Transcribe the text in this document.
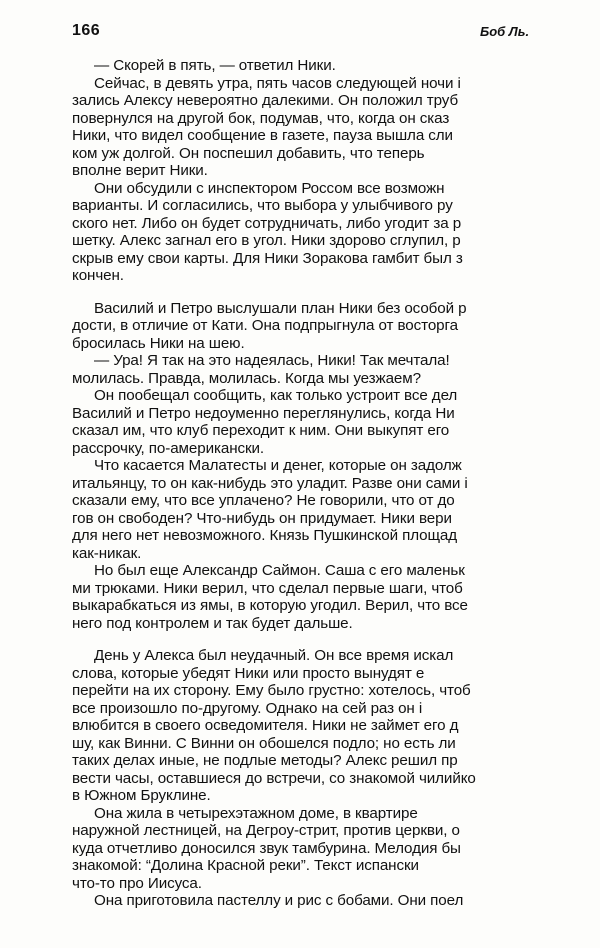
166	Боб Ль.
— Скорей в пять, — ответил Ники.
Сейчас, в девять утра, пять часов следующей ночи і
зались Алексу невероятно далекими. Он положил труб
повернулся на другой бок, подумав, что, когда он сказ
Ники, что видел сообщение в газете, пауза вышла сли
ком уж долгой. Он поспешил добавить, что теперь
вполне верит Ники.
Они обсудили с инспектором Россом все возможн
варианты. И согласились, что выбора у улыбчивого ру
ского нет. Либо он будет сотрудничать, либо угодит за р
шетку. Алекс загнал его в угол. Ники здорово сглупил, р
скрыв ему свои карты. Для Ники Зоракова гамбит был з
кончен.
Василий и Петро выслушали план Ники без особой р
дости, в отличие от Кати. Она подпрыгнула от восторга
бросилась Ники на шею.
— Ура! Я так на это надеялась, Ники! Так мечтала!
молилась. Правда, молилась. Когда мы уезжаем?
Он пообещал сообщить, как только устроит все дел
Василий и Петро недоуменно переглянулись, когда Ни
сказал им, что клуб переходит к ним. Они выкупят его
рассрочку, по-американски.
Что касается Малатесты и денег, которые он задолж
итальянцу, то он как-нибудь это уладит. Разве они сами і
сказали ему, что все уплачено? Не говорили, что от до
гов он свободен? Что-нибудь он придумает. Ники вери
для него нет невозможного. Князь Пушкинской площад
как-никак.
Но был еще Александр Саймон. Саша с его маленьк
ми трюками. Ники верил, что сделал первые шаги, чтоб
выкарабкаться из ямы, в которую угодил. Верил, что все
него под контролем и так будет дальше.
День у Алекса был неудачный. Он все время искал
слова, которые убедят Ники или просто вынудят е
перейти на их сторону. Ему было грустно: хотелось, чтоб
все произошло по-другому. Однако на сей раз он і
влюбится в своего осведомителя. Ники не займет его д
шу, как Винни. С Винни он обошелся подло; но есть ли
таких делах иные, не подлые методы? Алекс решил пр
вести часы, оставшиеся до встречи, со знакомой чилийко
в Южном Бруклине.
Она жила в четырехэтажном доме, в квартире
наружной лестницей, на Дегроу-стрит, против церкви, о
куда отчетливо доносился звук тамбурина. Мелодия бы
знакомой: “Долина Красной реки”. Текст испански
что-то про Иисуса.
Она приготовила пастеллу и рис с бобами. Они поел
